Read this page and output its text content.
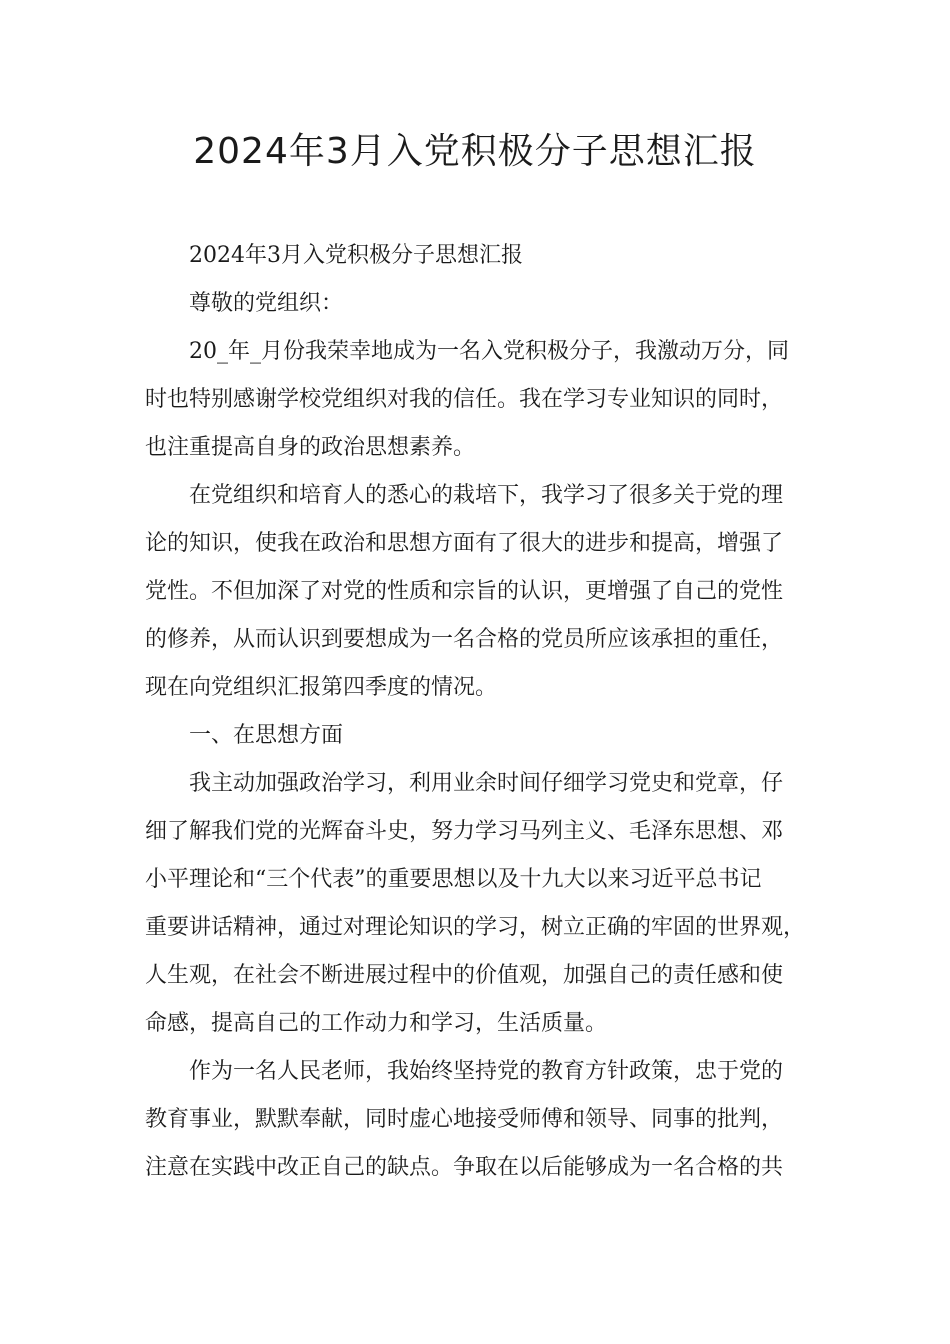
2024年3月入党积极分子思想汇报
2024年3月入党积极分子思想汇报
尊敬的党组织：
20_年_月份我荣幸地成为一名入党积极分子，我激动万分，同
时也特别感谢学校党组织对我的信任。我在学习专业知识的同时，
也注重提高自身的政治思想素养。
在党组织和培育人的悉心的栽培下，我学习了很多关于党的理
论的知识，使我在政治和思想方面有了很大的进步和提高，增强了
党性。不但加深了对党的性质和宗旨的认识，更增强了自己的党性
的修养，从而认识到要想成为一名合格的党员所应该承担的重任，
现在向党组织汇报第四季度的情况。
一、在思想方面
我主动加强政治学习，利用业余时间仔细学习党史和党章，仔
细了解我们党的光辉奋斗史，努力学习马列主义、毛泽东思想、邓
小平理论和“三个代表”的重要思想以及十九大以来习近平总书记
重要讲话精神，通过对理论知识的学习，树立正确的牢固的世界观，
人生观，在社会不断进展过程中的价值观，加强自己的责任感和使
命感，提高自己的工作动力和学习，生活质量。
作为一名人民老师，我始终坚持党的教育方针政策，忠于党的
教育事业，默默奉献，同时虚心地接受师傅和领导、同事的批判，
注意在实践中改正自己的缺点。争取在以后能够成为一名合格的共
